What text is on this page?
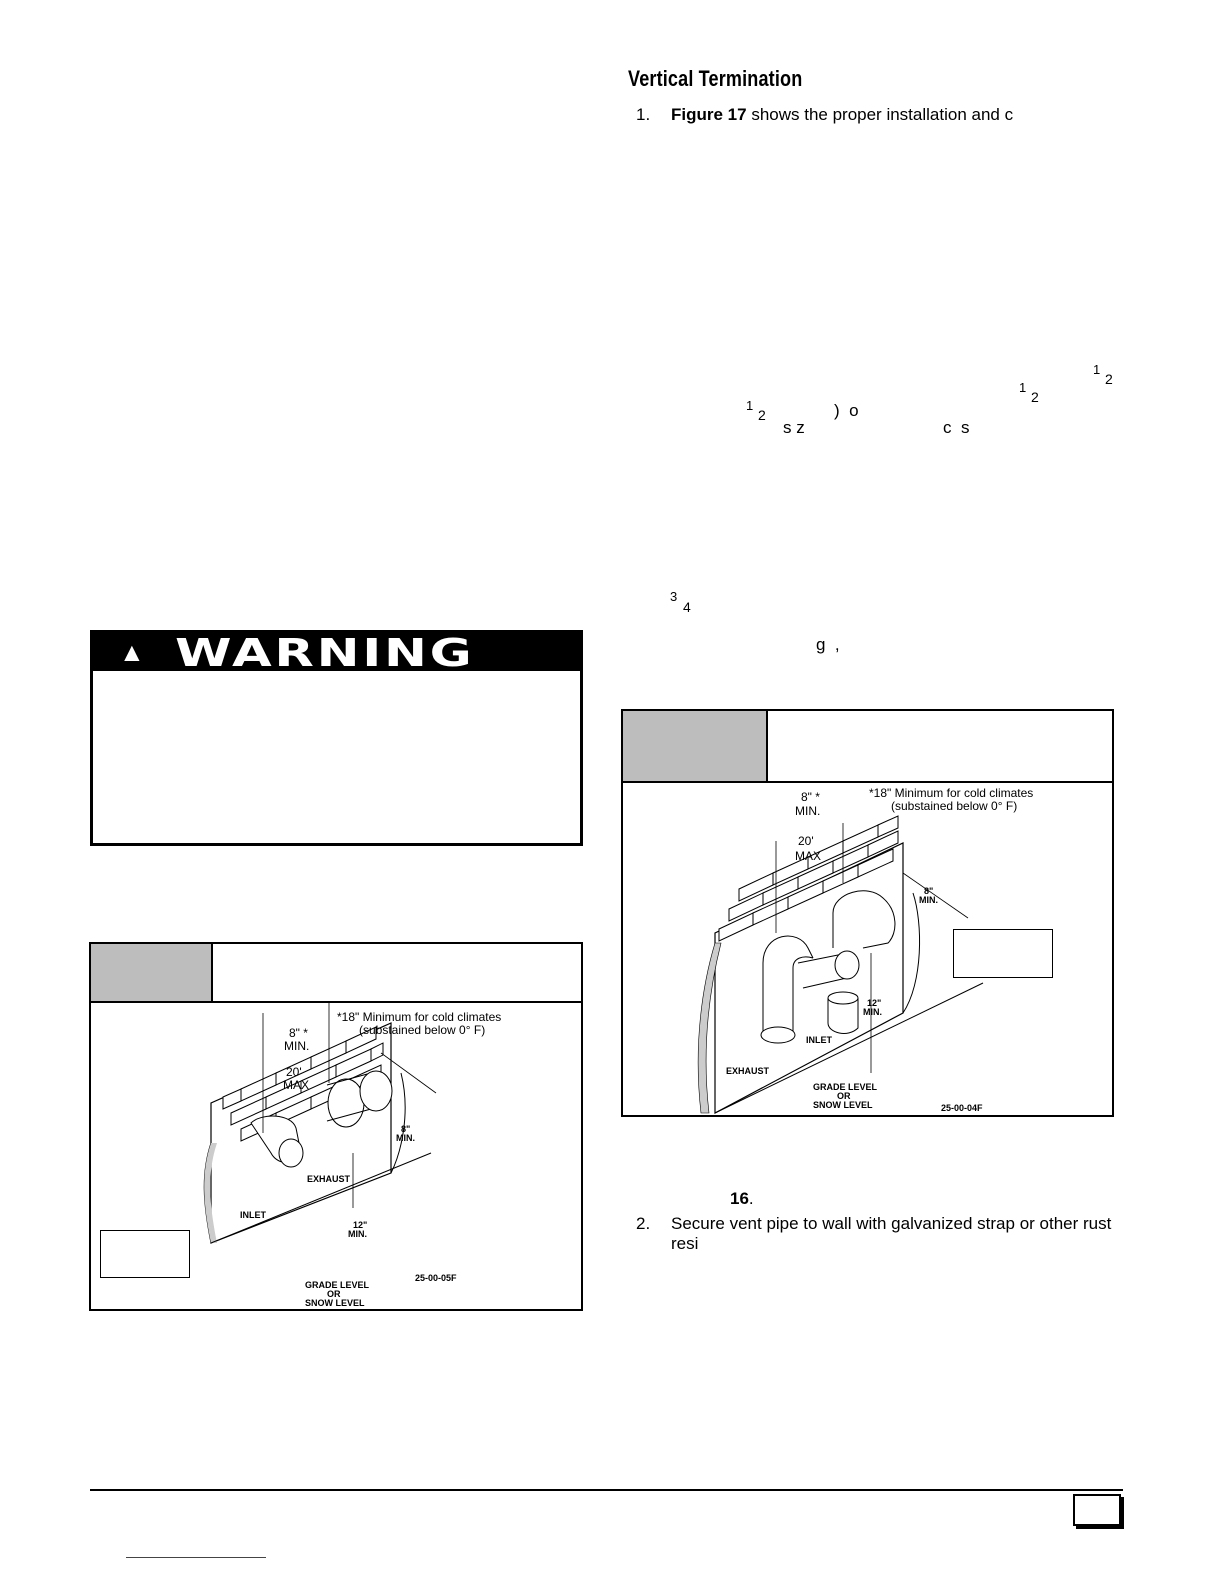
Vertical Termination
1. Figure 17 shows the proper installation and c
1
2
1
2
1
2	)  o
s z	c  s
3
4
g  ,
▲ WARNING
*18" Minimum for cold climates
(substained below 0° F)
8" *
MIN.
20'
MAX
8"
MIN.
EXHAUST
INLET
12"
MIN.
GRADE LEVEL
OR
SNOW LEVEL
25-00-05F
*18" Minimum for cold climates
(substained below 0° F)
8" *
MIN.
20'
MAX
8"
MIN.
EXHAUST
INLET
12"
MIN.
GRADE LEVEL
OR
SNOW LEVEL	25-00-04F
16.
2. Secure vent pipe to wall with galvanized strap or other rust
resi
